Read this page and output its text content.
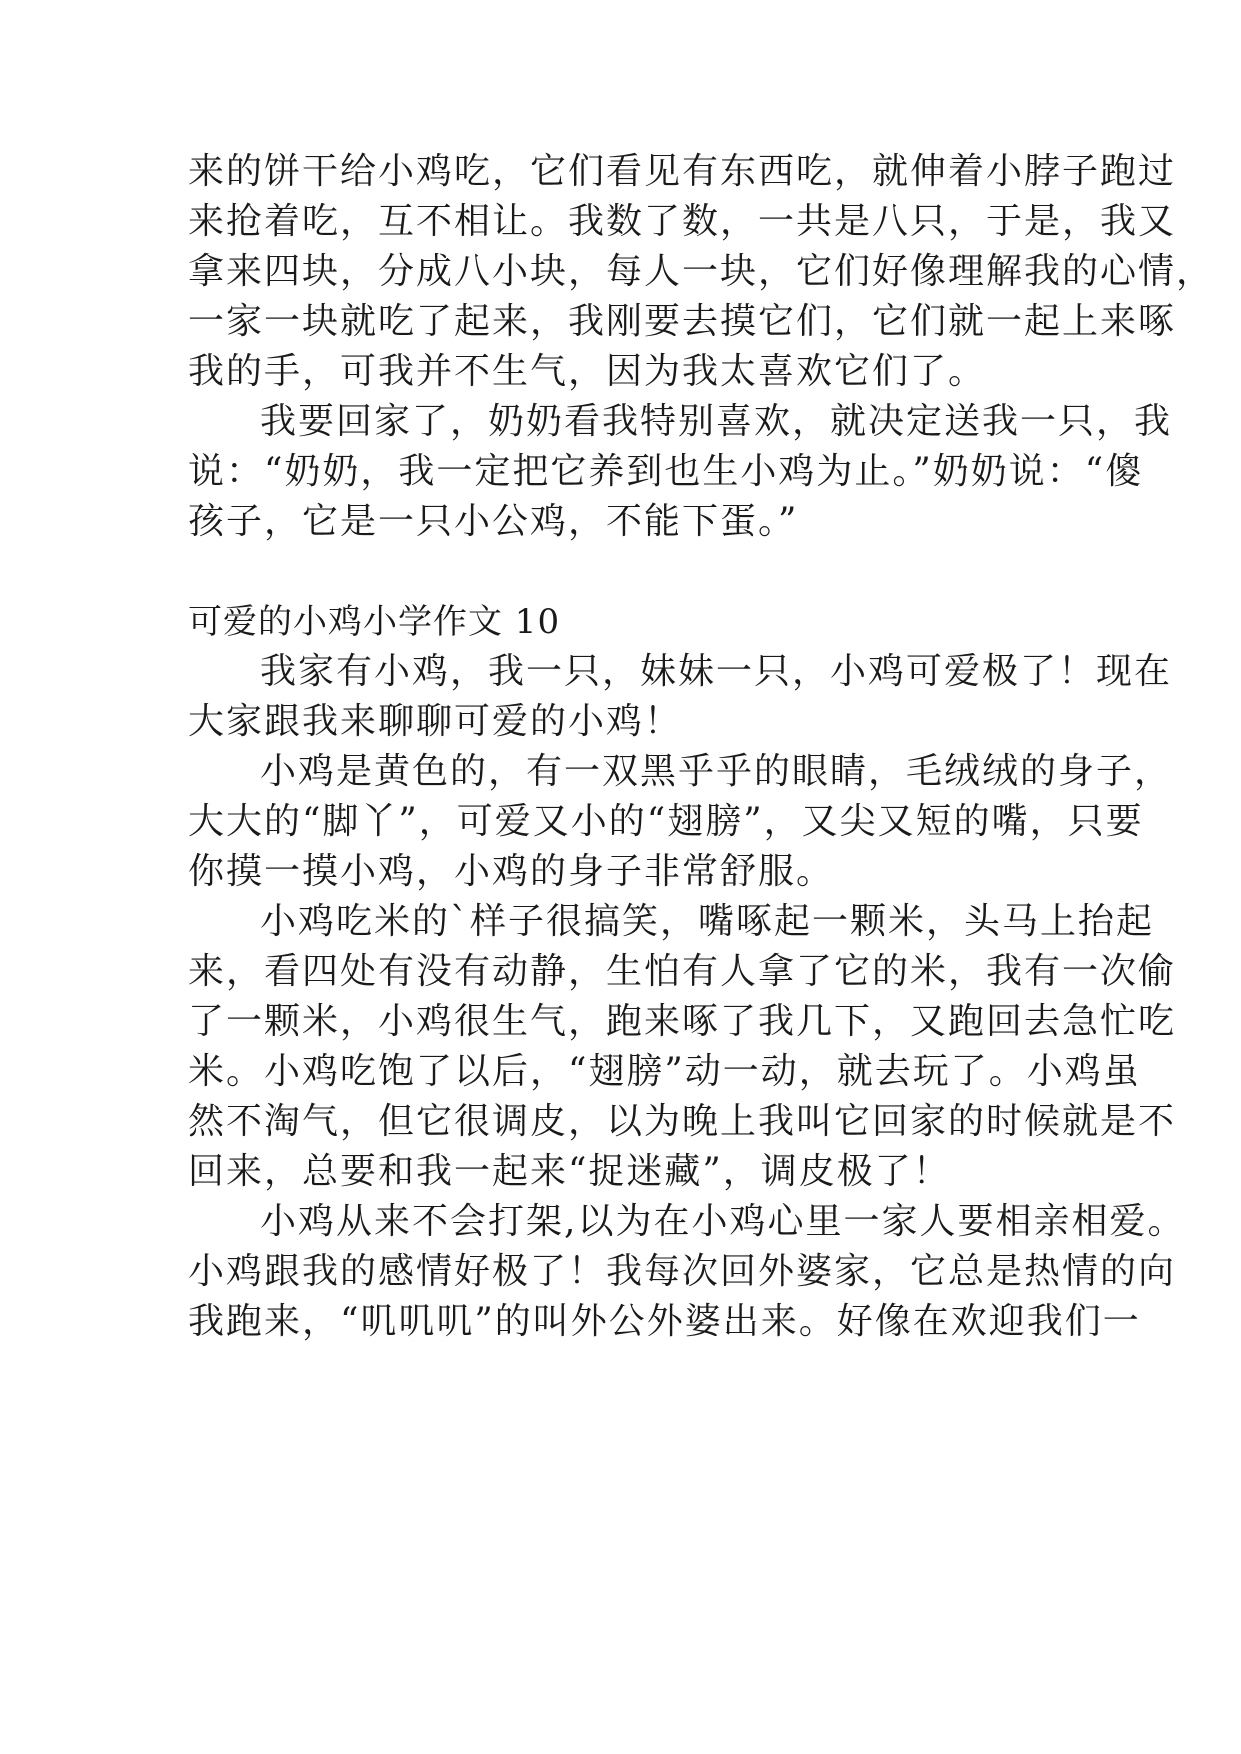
来的饼干给小鸡吃，它们看见有东西吃，就伸着小脖子跑过
来抢着吃，互不相让。我数了数，一共是八只，于是，我又
拿来四块，分成八小块，每人一块，它们好像理解我的心情，
一家一块就吃了起来，我刚要去摸它们，它们就一起上来啄
我的手，可我并不生气，因为我太喜欢它们了。
我要回家了，奶奶看我特别喜欢，就决定送我一只，我
说：“奶奶，我一定把它养到也生小鸡为止。”奶奶说：“傻
孩子，它是一只小公鸡，不能下蛋。”
可爱的小鸡小学作文 10
我家有小鸡，我一只，妹妹一只，小鸡可爱极了！现在
大家跟我来聊聊可爱的小鸡！
小鸡是黄色的，有一双黑乎乎的眼睛，毛绒绒的身子，
大大的“脚丫”，可爱又小的“翅膀”，又尖又短的嘴，只要
你摸一摸小鸡，小鸡的身子非常舒服。
小鸡吃米的`样子很搞笑，嘴啄起一颗米，头马上抬起
来，看四处有没有动静，生怕有人拿了它的米，我有一次偷
了一颗米，小鸡很生气，跑来啄了我几下，又跑回去急忙吃
米。小鸡吃饱了以后，“翅膀”动一动，就去玩了。小鸡虽
然不淘气，但它很调皮，以为晚上我叫它回家的时候就是不
回来，总要和我一起来“捉迷藏”，调皮极了！
小鸡从来不会打架,以为在小鸡心里一家人要相亲相爱。
小鸡跟我的感情好极了！我每次回外婆家，它总是热情的向
我跑来，“叽叽叽”的叫外公外婆出来。好像在欢迎我们一
